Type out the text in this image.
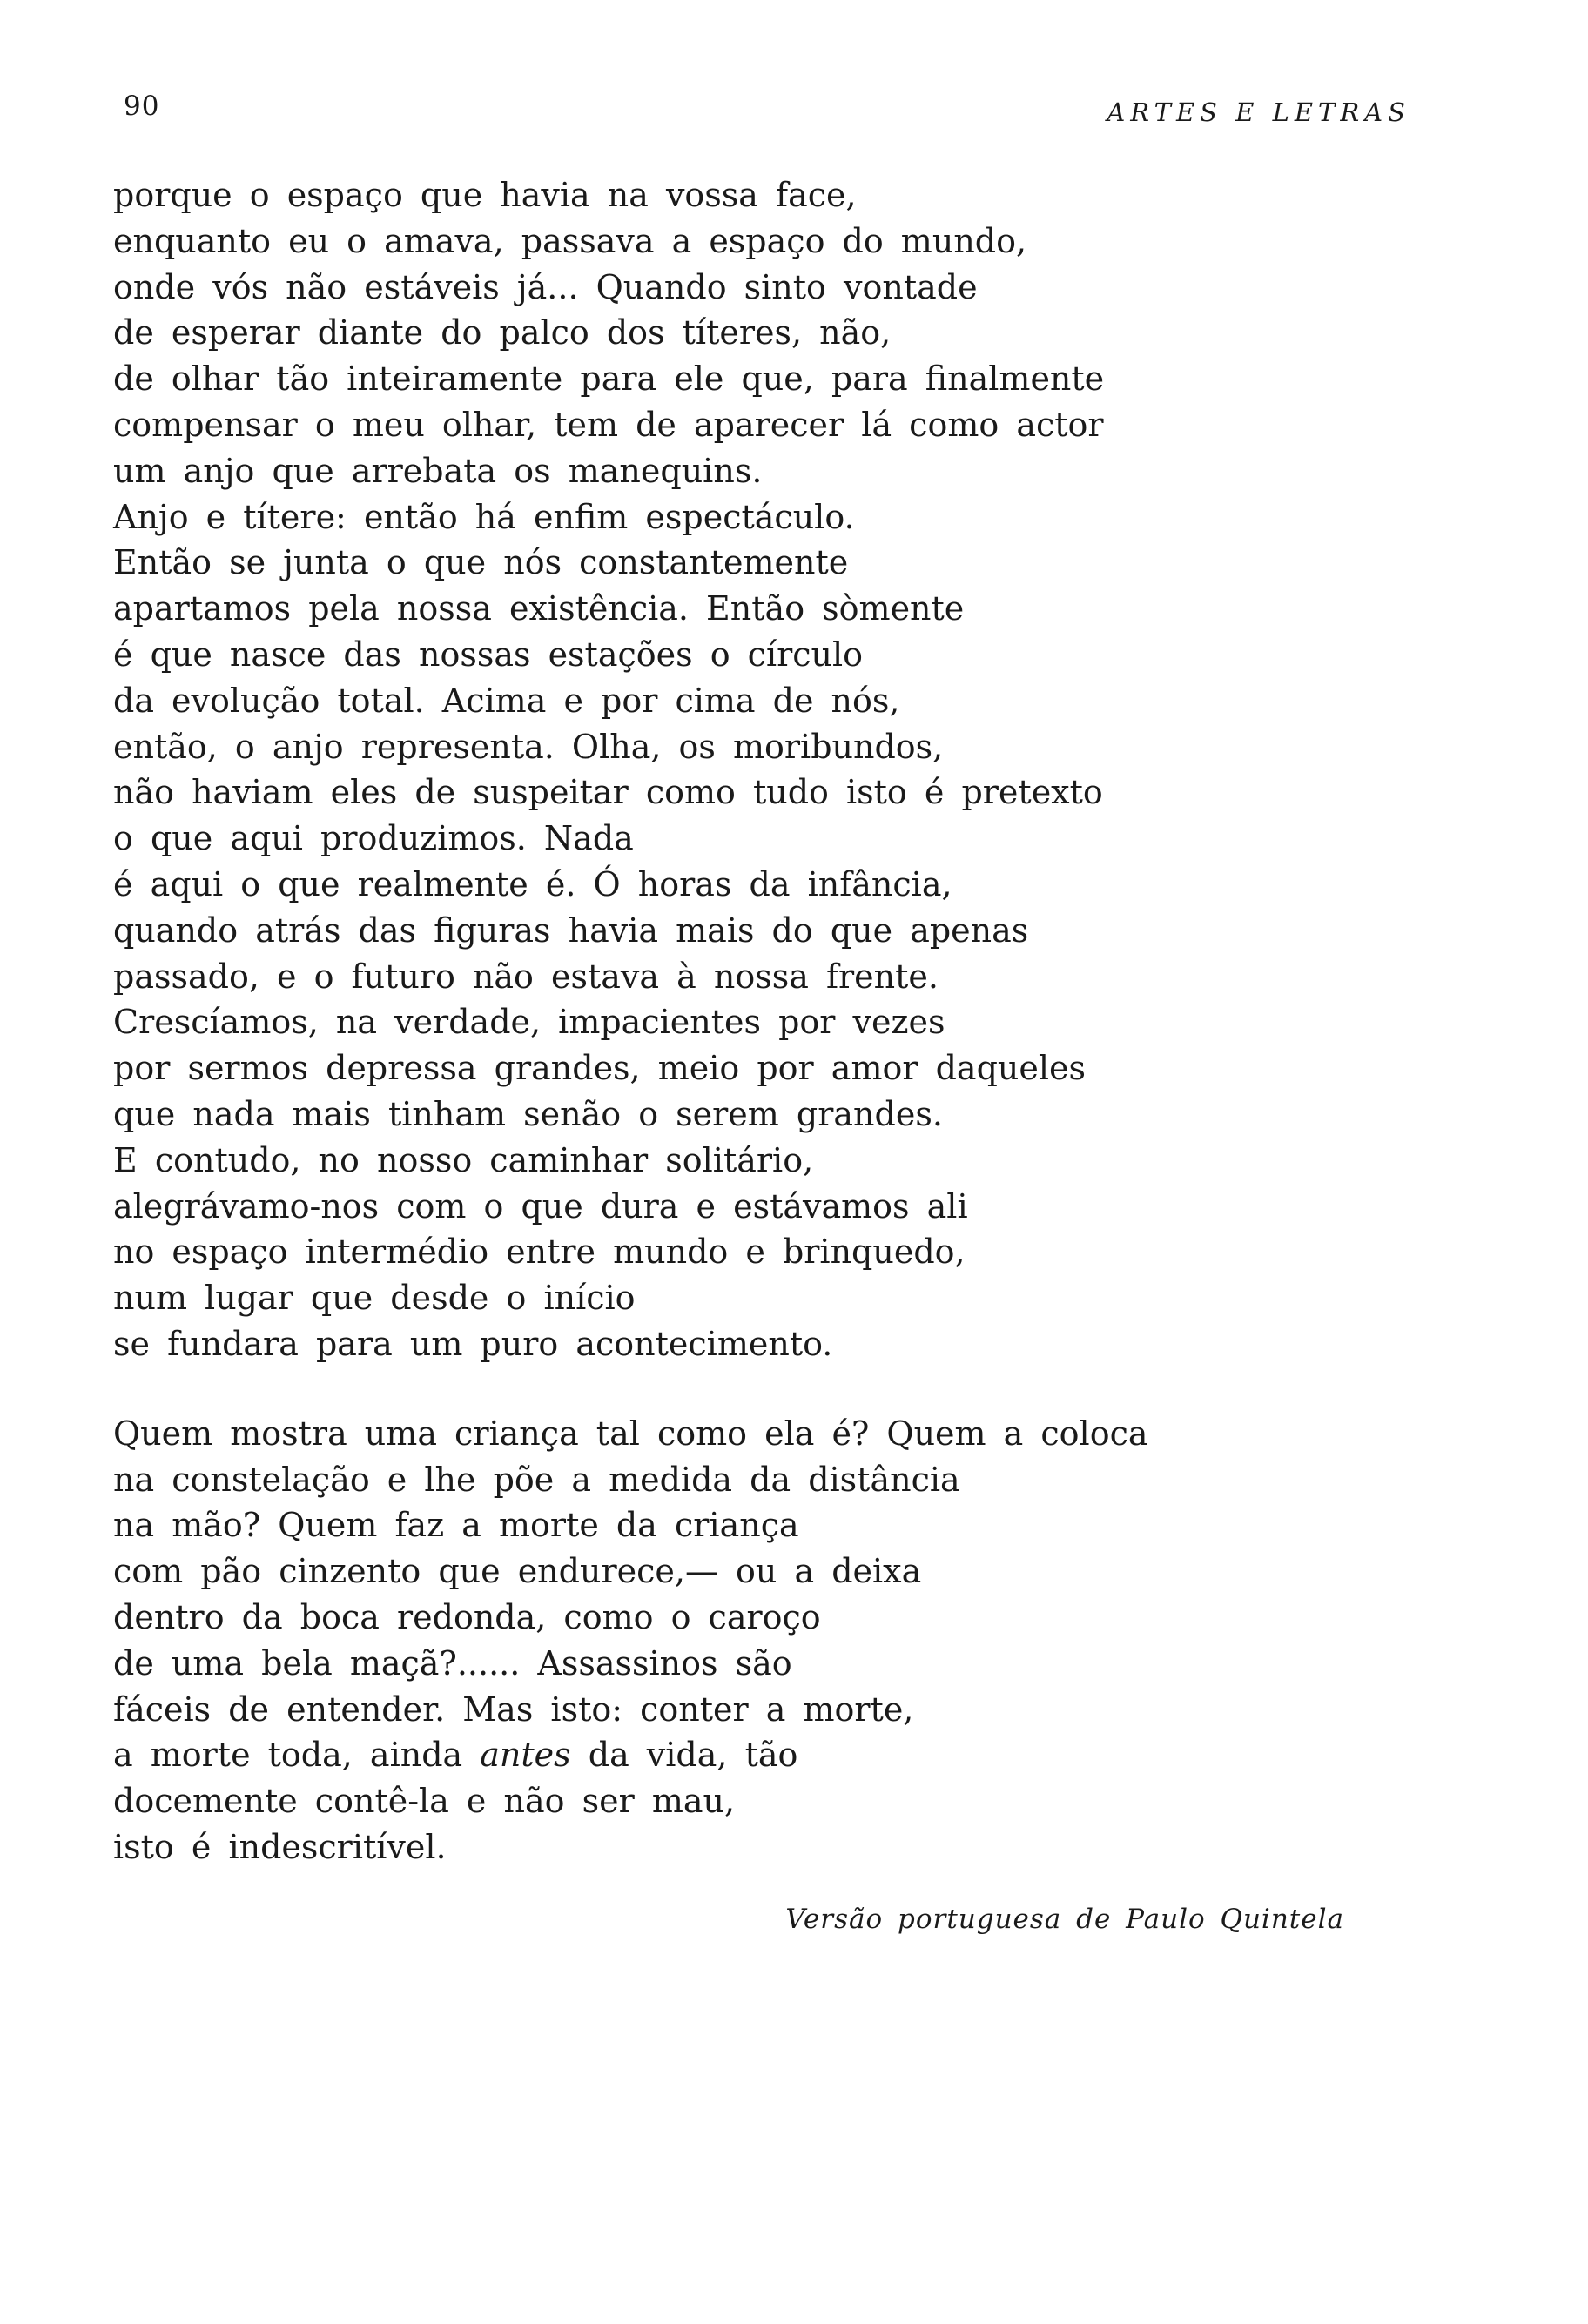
90	ARTES E LETRAS
porque o espaço que havia na vossa face,
enquanto eu o amava, passava a espaço do mundo,
onde vós não estáveis já... Quando sinto vontade
de esperar diante do palco dos títeres, não,
de olhar tão inteiramente para ele que, para finalmente
compensar o meu olhar, tem de aparecer lá como actor
um anjo que arrebata os manequins.
Anjo e títere: então há enfim espectáculo.
Então se junta o que nós constantemente
apartamos pela nossa existência. Então sòmente
é que nasce das nossas estações o círculo
da evolução total. Acima e por cima de nós,
então, o anjo representa. Olha, os moribundos,
não haviam eles de suspeitar como tudo isto é pretexto
o que aqui produzimos. Nada
é aqui o que realmente é. Ó horas da infância,
quando atrás das figuras havia mais do que apenas
passado, e o futuro não estava à nossa frente.
Crescíamos, na verdade, impacientes por vezes
por sermos depressa grandes, meio por amor daqueles
que nada mais tinham senão o serem grandes.
E contudo, no nosso caminhar solitário,
alegrávamo-nos com o que dura e estávamos ali
no espaço intermédio entre mundo e brinquedo,
num lugar que desde o início
se fundara para um puro acontecimento.
Quem mostra uma criança tal como ela é? Quem a coloca
na constelação e lhe põe a medida da distância
na mão? Quem faz a morte da criança
com pão cinzento que endurece,— ou a deixa
dentro da boca redonda, como o caroço
de uma bela maçã?...... Assassinos são
fáceis de entender. Mas isto: conter a morte,
a morte toda, ainda antes da vida, tão
docemente contê-la e não ser mau,
isto é indescritível.
Versão portuguesa de Paulo Quintela
